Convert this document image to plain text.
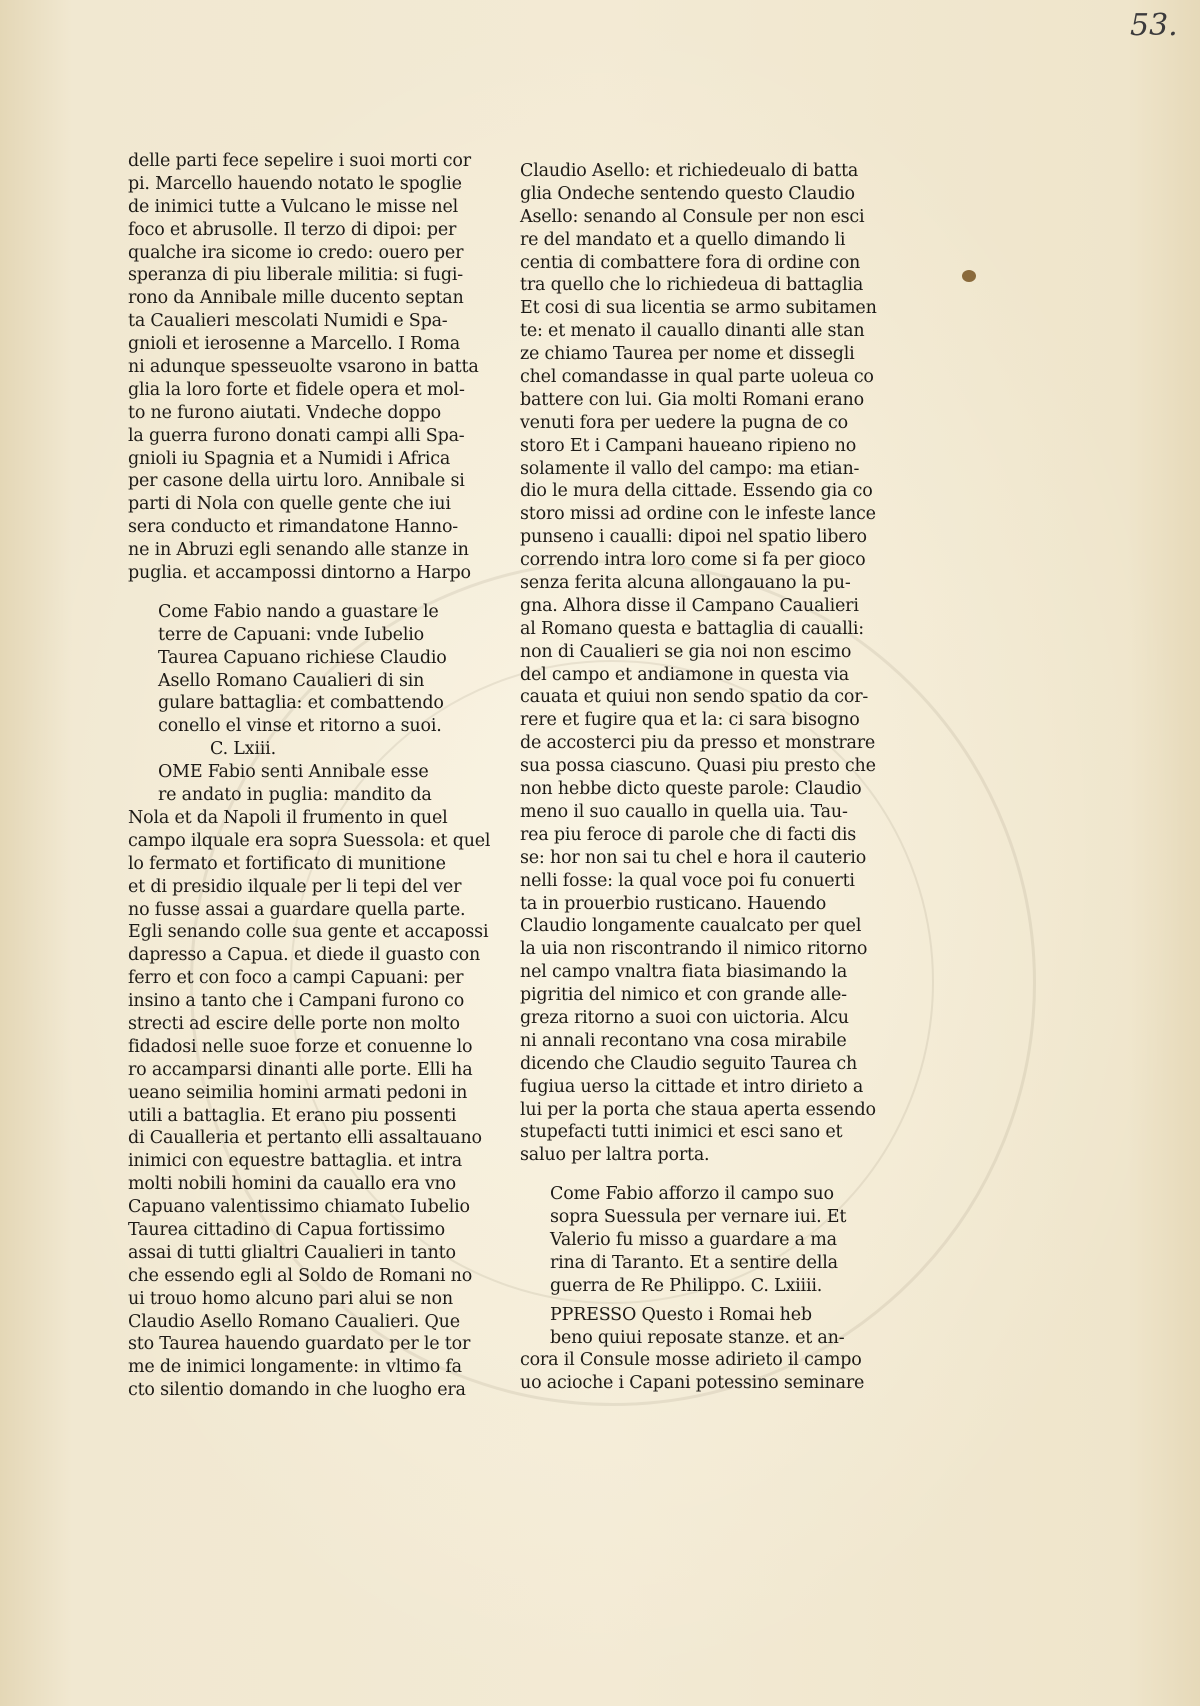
53.
delle parti fece sepelire i suoi morti cor
pi. Marcello hauendo notato le spoglie
de inimici tutte a Vulcano le misse nel
foco et abrusolle. Il terzo di dipoi: per
qualche ira sicome io credo: ouero per
speranza di piu liberale militia: si fugi-
rono da Annibale mille ducento septan
ta Caualieri mescolati Numidi e Spa-
gnioli et ierosenne a Marcello. I Roma
ni adunque spesseuolte vsarono in batta
glia la loro forte et fidele opera et mol-
to ne furono aiutati. Vndeche doppo
la guerra furono donati campi alli Spa-
gnioli iu Spagnia et a Numidi i Africa
per casone della uirtu loro. Annibale si
parti di Nola con quelle gente che iui
sera conducto et rimandatone Hanno-
ne in Abruzi egli senando alle stanze in
puglia. et accampossi dintorno a Harpo
Come Fabio nando a guastare le
terre de Capuani: vnde Iubelio
Taurea Capuano richiese Claudio
Asello Romano Caualieri di sin
gulare battaglia: et combattendo
conello el vinse et ritorno a suoi.
C. Lxiii.
OME Fabio senti Annibale esse
re andato in puglia: mandito da
Nola et da Napoli il frumento in quel
campo ilquale era sopra Suessola: et quel
lo fermato et fortificato di munitione
et di presidio ilquale per li tepi del ver
no fusse assai a guardare quella parte.
Egli senando colle sua gente et accapossi
dapresso a Capua. et diede il guasto con
ferro et con foco a campi Capuani: per
insino a tanto che i Campani furono co
strecti ad escire delle porte non molto
fidadosi nelle suoe forze et conuenne lo
ro accamparsi dinanti alle porte. Elli ha
ueano seimilia homini armati pedoni in
utili a battaglia. Et erano piu possenti
di Caualleria et pertanto elli assaltauano
inimici con equestre battaglia. et intra
molti nobili homini da cauallo era vno
Capuano valentissimo chiamato Iubelio
Taurea cittadino di Capua fortissimo
assai di tutti glialtri Caualieri in tanto
che essendo egli al Soldo de Romani no
ui trouo homo alcuno pari alui se non
Claudio Asello Romano Caualieri. Que
sto Taurea hauendo guardato per le tor
me de inimici longamente: in vltimo fa
cto silentio domando in che luogho era
Claudio Asello: et richiedeualo di batta
glia Ondeche sentendo questo Claudio
Asello: senando al Consule per non esci
re del mandato et a quello dimando li
centia di combattere fora di ordine con
tra quello che lo richiedeua di battaglia
Et cosi di sua licentia se armo subitamen
te: et menato il cauallo dinanti alle stan
ze chiamo Taurea per nome et dissegli
chel comandasse in qual parte uoleua co
battere con lui. Gia molti Romani erano
venuti fora per uedere la pugna de co
storo Et i Campani haueano ripieno no
solamente il vallo del campo: ma etian-
dio le mura della cittade. Essendo gia co
storo missi ad ordine con le infeste lance
punseno i caualli: dipoi nel spatio libero
correndo intra loro come si fa per gioco
senza ferita alcuna allongauano la pu-
gna. Alhora disse il Campano Caualieri
al Romano questa e battaglia di caualli:
non di Caualieri se gia noi non escimo
del campo et andiamone in questa via
cauata et quiui non sendo spatio da cor-
rere et fugire qua et la: ci sara bisogno
de accosterci piu da presso et monstrare
sua possa ciascuno. Quasi piu presto che
non hebbe dicto queste parole: Claudio
meno il suo cauallo in quella uia. Tau-
rea piu feroce di parole che di facti dis
se: hor non sai tu chel e hora il cauterio
nelli fosse: la qual voce poi fu conuerti
ta in prouerbio rusticano. Hauendo
Claudio longamente caualcato per quel
la uia non riscontrando il nimico ritorno
nel campo vnaltra fiata biasimando la
pigritia del nimico et con grande alle-
greza ritorno a suoi con uictoria. Alcu
ni annali recontano vna cosa mirabile
dicendo che Claudio seguito Taurea ch
fugiua uerso la cittade et intro dirieto a
lui per la porta che staua aperta essendo
stupefacti tutti inimici et esci sano et
saluo per laltra porta.
Come Fabio afforzo il campo suo
sopra Suessula per vernare iui. Et
Valerio fu misso a guardare a ma
rina di Taranto. Et a sentire della
guerra de Re Philippo. C. Lxiiii.
PPRESSO Questo i Romai heb
beno quiui reposate stanze. et an-
cora il Consule mosse adirieto il campo
uo acioche i Capani potessino seminare
